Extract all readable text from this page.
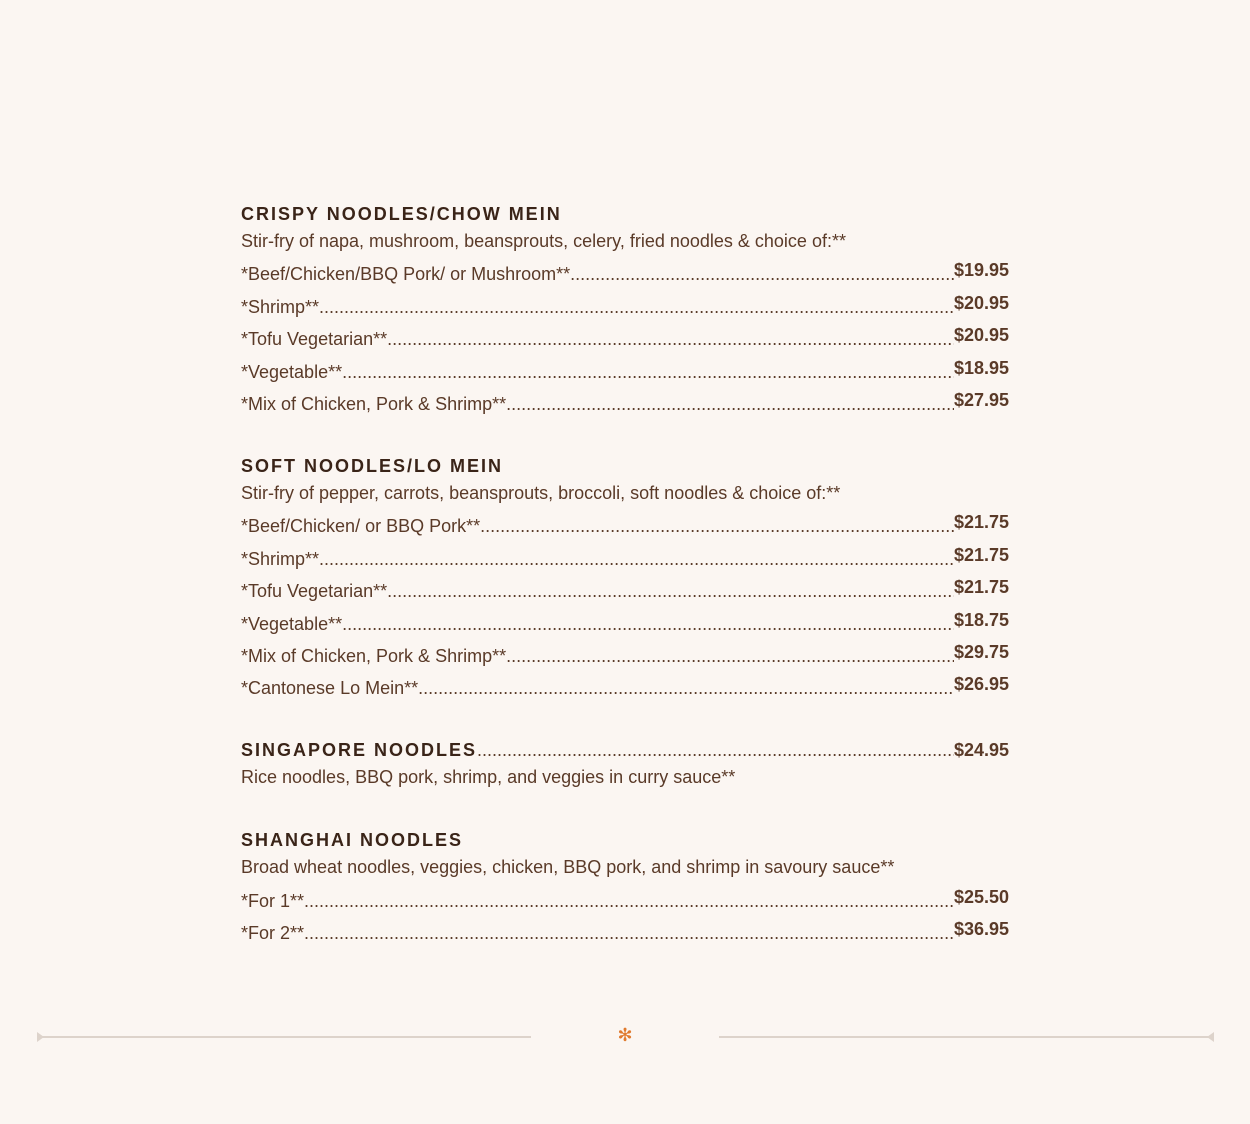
CRISPY NOODLES/CHOW MEIN
Stir-fry of napa, mushroom, beansprouts, celery, fried noodles & choice of:**
*Beef/Chicken/BBQ Pork/ or Mushroom** .....	$19.95
*Shrimp** .....	$20.95
*Tofu Vegetarian** .....	$20.95
*Vegetable** .....	$18.95
*Mix of Chicken, Pork & Shrimp** .....	$27.95
SOFT NOODLES/LO MEIN
Stir-fry of pepper, carrots, beansprouts, broccoli, soft noodles & choice of:**
*Beef/Chicken/ or BBQ Pork** .....	$21.75
*Shrimp** .....	$21.75
*Tofu Vegetarian** .....	$21.75
*Vegetable** .....	$18.75
*Mix of Chicken, Pork & Shrimp** .....	$29.75
*Cantonese Lo Mein** .....	$26.95
SINGAPORE NOODLES .....	$24.95
Rice noodles, BBQ pork, shrimp, and veggies in curry sauce**
SHANGHAI NOODLES
Broad wheat noodles, veggies, chicken, BBQ pork, and shrimp in savoury sauce**
*For 1** .....	$25.50
*For 2** .....	$36.95
✻
